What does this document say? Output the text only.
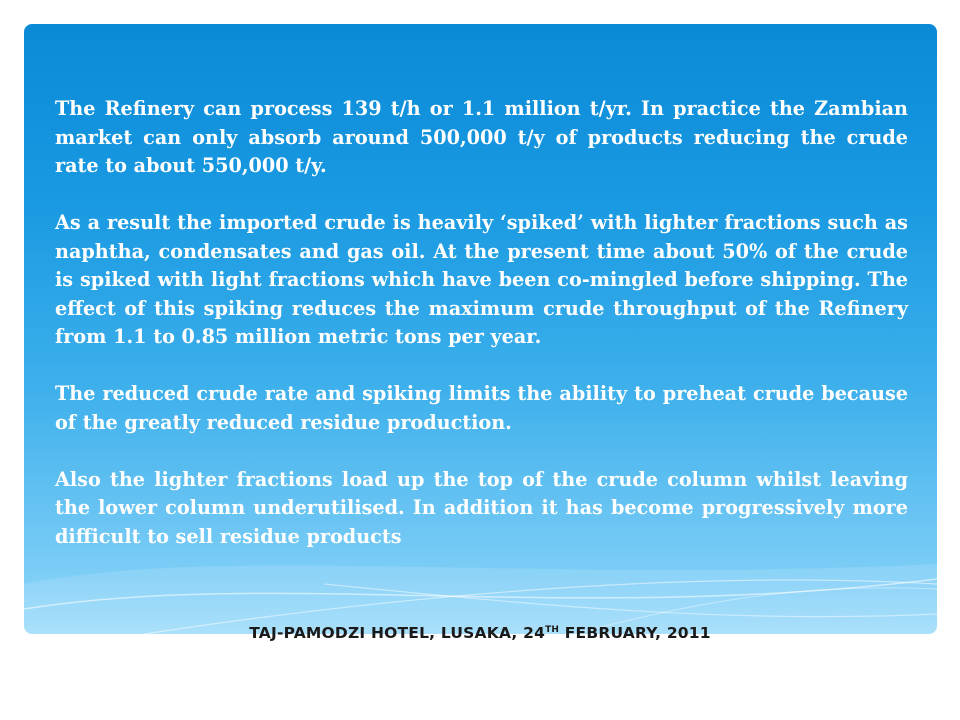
The Refinery can process 139 t/h or 1.1 million t/yr. In practice the Zambian market can only absorb around 500,000 t/y of products reducing the crude rate to about 550,000 t/y.

As a result the imported crude is heavily ‘spiked’ with lighter fractions such as naphtha, condensates and gas oil. At the present time about 50% of the crude is spiked with light fractions which have been co-mingled before shipping. The effect of this spiking reduces the maximum crude throughput of the Refinery from 1.1 to 0.85 million metric tons per year.

The reduced crude rate and spiking limits the ability to preheat crude because of the greatly reduced residue production.

Also the lighter fractions load up the top of the crude column whilst leaving the lower column underutilised. In addition it has become progressively more difficult to sell residue products

TAJ-PAMODZI HOTEL, LUSAKA, 24TH FEBRUARY, 2011
